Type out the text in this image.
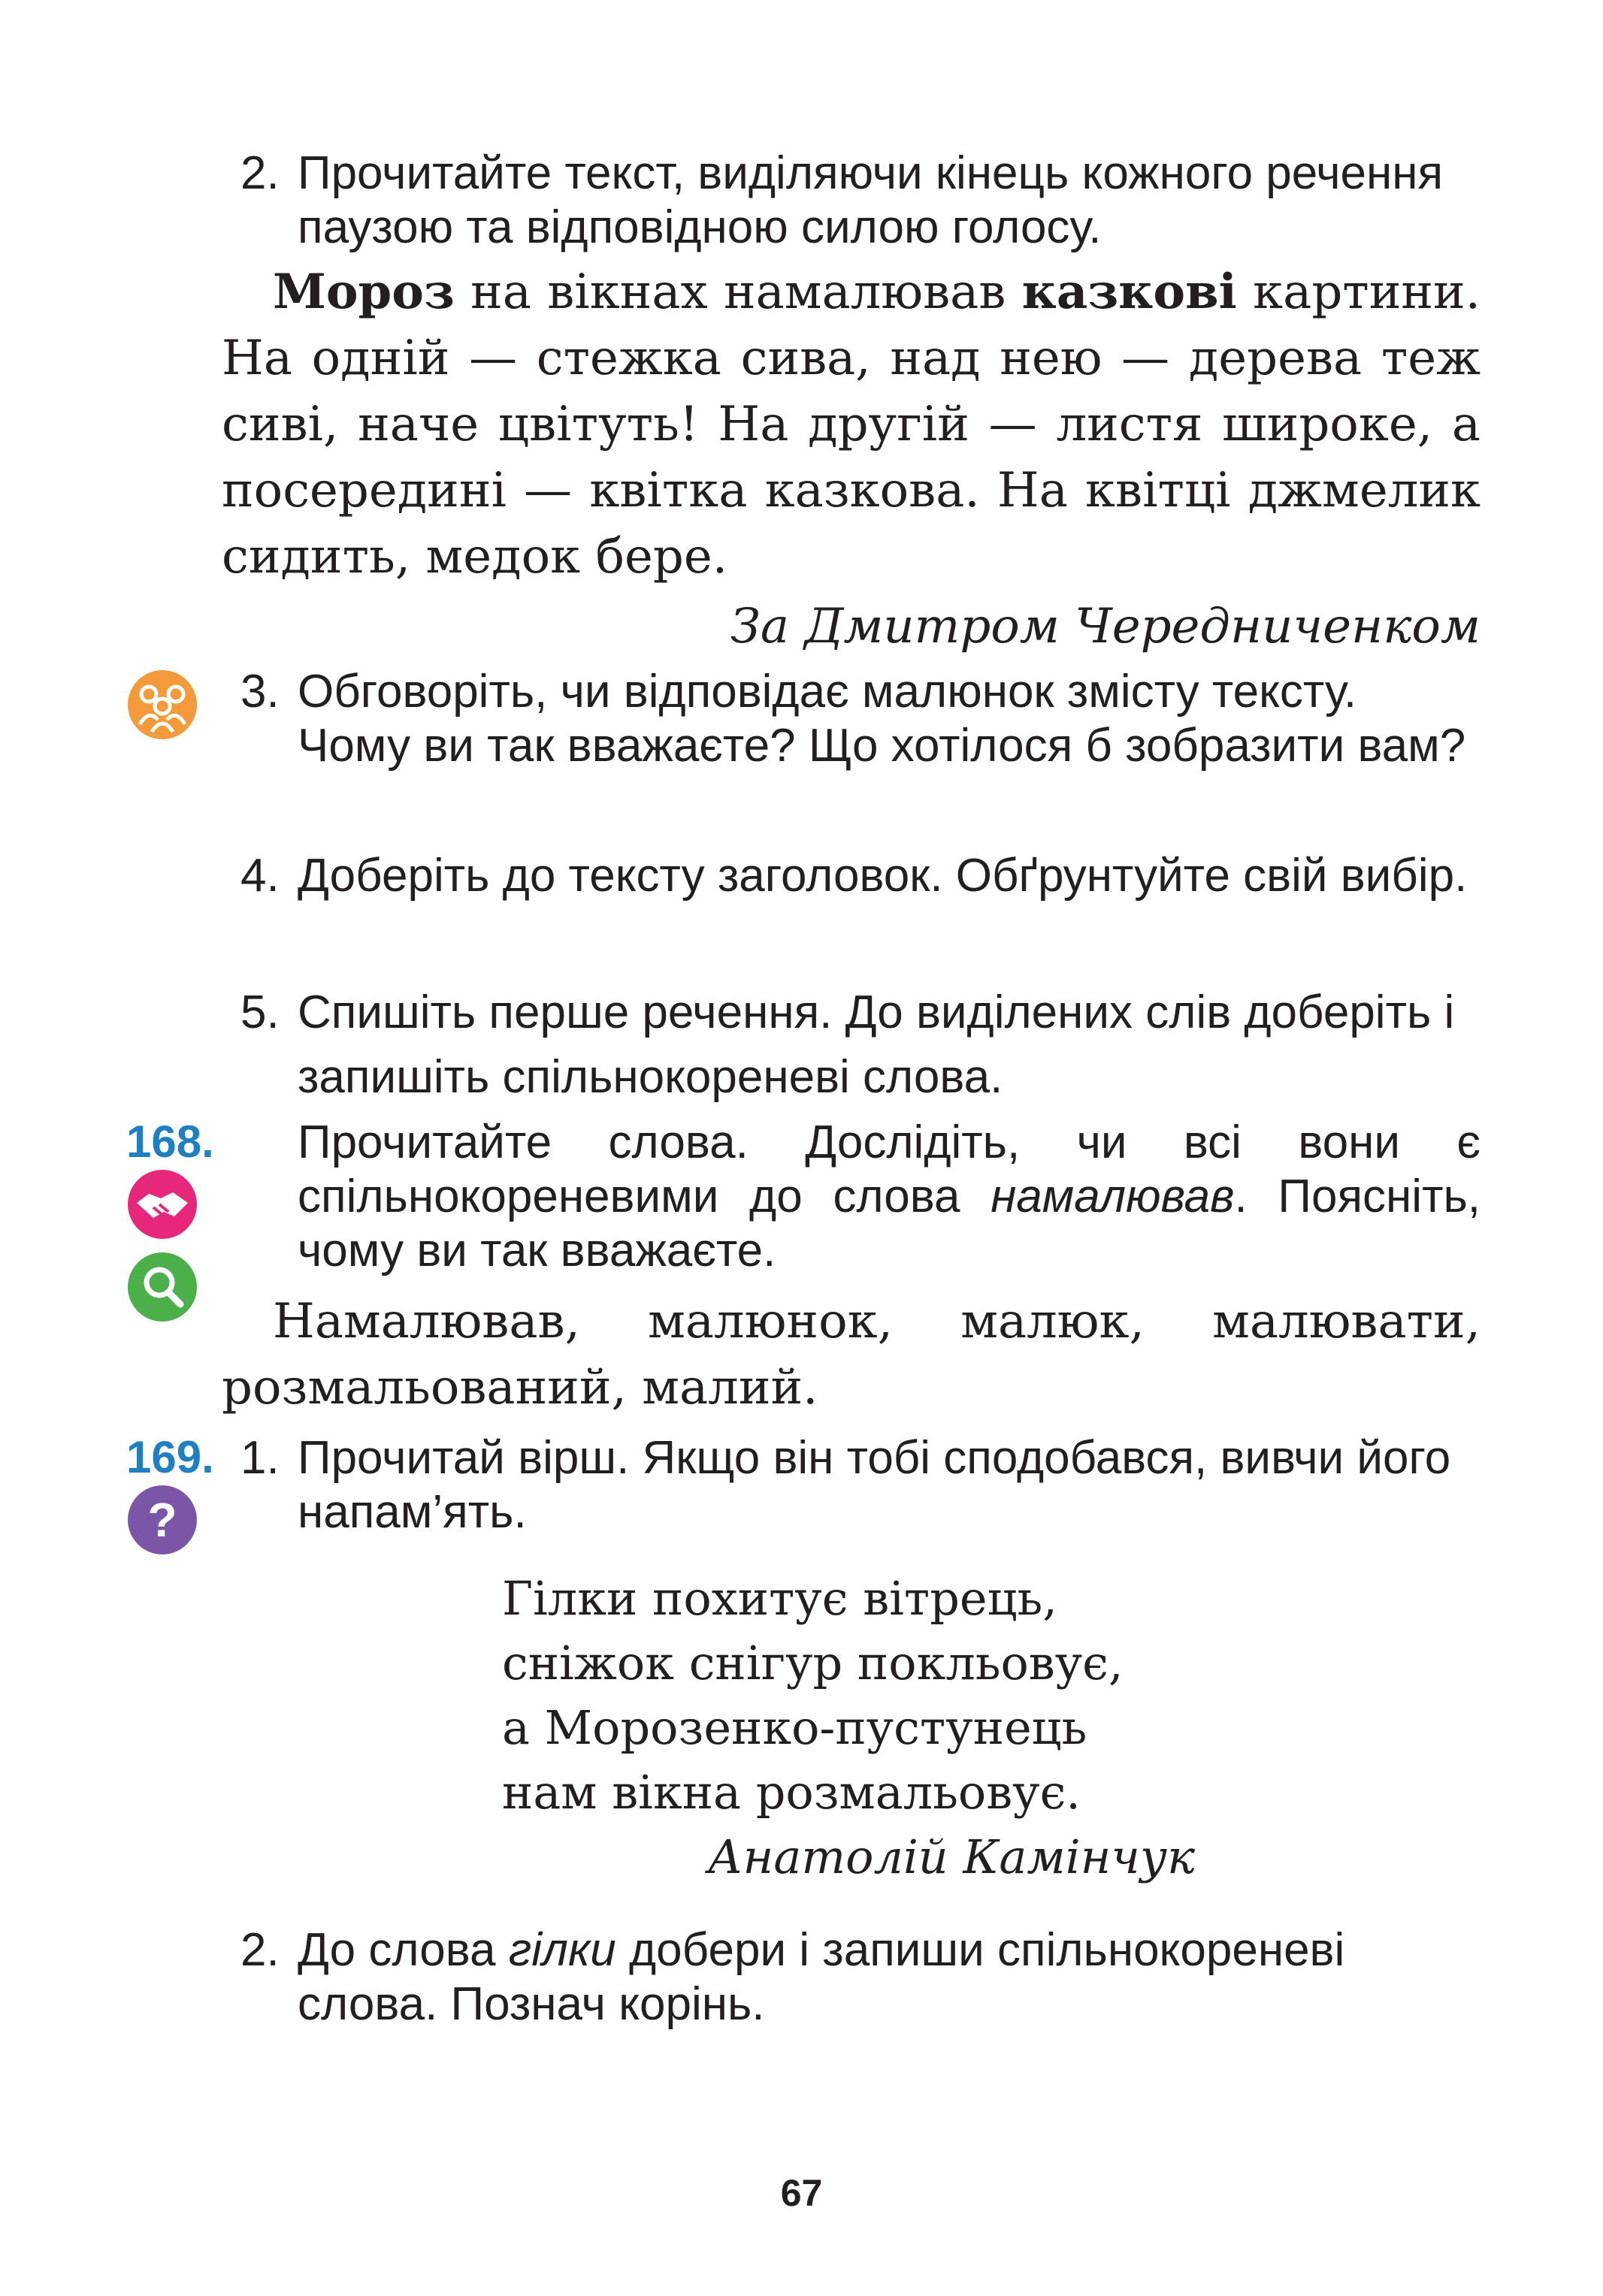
2. Прочитайте текст, виділяючи кінець кожного речення паузою та відповідною силою голосу.
Мороз на вікнах намалював казкові картини. На одній — стежка сива, над нею — дерева теж сиві, наче цвітуть! На другій — листя широке, а посередині — квітка казкова. На квітці джмелик сидить, медок бере.
За Дмитром Чередниченком
3. Обговоріть, чи відповідає малюнок змісту тексту. Чому ви так вважаєте? Що хотілося б зобразити вам?
4. Доберіть до тексту заголовок. Обґрунтуйте свій вибір.
5. Спишіть перше речення. До виділених слів доберіть і запишіть спільнокореневі слова.
168. Прочитайте слова. Дослідіть, чи всі вони є спільнокореневими до слова намалював. Поясніть, чому ви так вважаєте.
Намалював, малюнок, малюк, малювати, розмальований, малий.
169.
?
1. Прочитай вірш. Якщо він тобі сподобався, вивчи його напам’ять.
Гілки похитує вітрець,
сніжок снігур покльовує,
а Морозенко-пустунець
нам вікна розмальовує.
Анатолій Камінчук
2. До слова гілки добери і запиши спільнокореневі слова. Познач корінь.
67
